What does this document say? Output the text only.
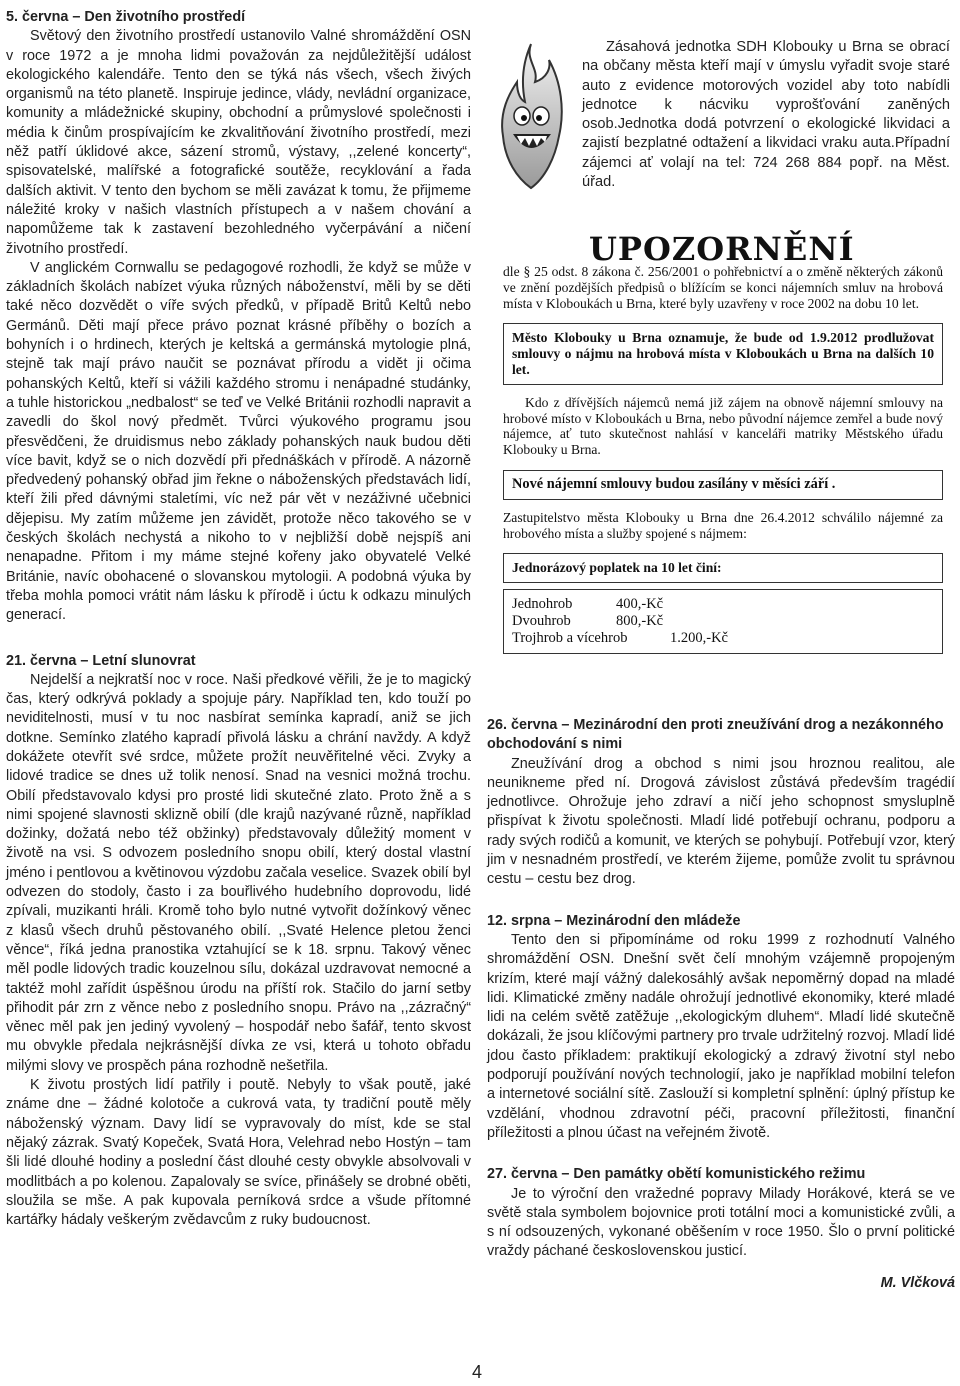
5. června – Den životního prostředí

Světový den životního prostředí ustanovilo Valné shromáždění OSN v roce 1972 a je mnoha lidmi považován za nejdůležitější událost ekologického kalendáře. Tento den se týká nás všech, všech živých organismů na této planetě. Inspiruje jedince, vlády, nevládní organizace, komunity a mládežnické skupiny, obchodní a průmyslové společnosti i média k činům prospívajícím ke zkvalitňování životního prostředí, mezi něž patří úklidové akce, sázení stromů, výstavy, ,,zelené koncerty“, spisovatelské, malířské a fotografické soutěže, recyklování a řada dalších aktivit. V tento den bychom se měli zavázat k tomu, že přijmeme náležité kroky v našich vlastních přístupech a v našem chování a napomůžeme tak k zastavení bezohledného vyčerpávání a ničení životního prostředí.

V anglickém Cornwallu se pedagogové rozhodli, že když se může v základních školách nabízet výuka různých náboženství, měli by se děti také něco dozvědět o víře svých předků, v případě Britů Keltů nebo Germánů. Děti mají přece právo poznat krásné příběhy o bozích a bohyních i o hrdinech, kterých je keltská a germánská mytologie plná, stejně tak mají právo naučit se poznávat přírodu a vidět ji očima pohanských Keltů, kteří si vážili každého stromu i nenápadné studánky, a tuhle historickou „nedbalost“ se teď ve Velké Británii rozhodli napravit a zavedli do škol nový předmět. Tvůrci výukového programu jsou přesvědčeni, že druidismus nebo základy pohanských nauk budou děti více bavit, když se o nich dozvědí při přednáškách v přírodě. A názorně předvedený pohanský obřad jim řekne o náboženských představách lidí, kteří žili před dávnými staletími, víc než pár vět v nezáživné učebnici dějepisu. My zatím můžeme jen závidět, protože něco takového se v českých školách nechystá a nikoho to v nejbližší době nejspíš ani nenapadne. Přitom i my máme stejné kořeny jako obyvatelé Velké Británie, navíc obohacené o slovanskou mytologii. A podobná výuka by třeba mohla pomoci vrátit nám lásku k přírodě i úctu k odkazu minulých generací.

21. června – Letní slunovrat

Nejdelší a nejkratší noc v roce. Naši předkové věřili, že je to magický čas, který odkrývá poklady a spojuje páry. Například ten, kdo touží po neviditelnosti, musí v tu noc nasbírat semínka kapradí, aniž se jich dotkne. Semínko zlatého kapradí přivolá lásku a chrání navždy. A když dokážete otevřít své srdce, můžete prožít neuvěřitelné věci. Zvyky a lidové tradice se dnes už tolik nenosí. Snad na vesnici možná trochu. Obilí představovalo kdysi pro prosté lidi skutečné zlato. Proto žně a s nimi spojené slavnosti sklizně obilí (dle krajů nazývané různě, například dožinky, dožatá nebo též obžinky) představovaly důležitý moment v životě na vsi. S odvozem posledního snopu obilí, který dostal vlastní jméno i pentlovou a květinovou výzdobu začala veselice. Svazek obilí byl odvezen do stodoly, často i za bouřlivého hudebního doprovodu, lidé zpívali, muzikanti hráli. Kromě toho bylo nutné vytvořit dožínkový věnec z klasů všech druhů pěstovaného obilí. ,,Svaté Helence pletou ženci věnce“, říká jedna pranostika vztahující se k 18. srpnu. Takový věnec měl podle lidových tradic kouzelnou sílu, dokázal uzdravovat nemocné a taktéž mohl zařídit úspěšnou úrodu na příští rok. Stačilo do jarní setby přihodit pár zrn z věnce nebo z posledního snopu. Právo na ,,zázračný“ věnec měl pak jen jediný vyvolený – hospodář nebo šafář, tento skvost mu obvykle předala nejkrásnější dívka ze vsi, která u tohoto obřadu milými slovy ve prospěch pána rozhodně nešetřila.

K životu prostých lidí patřily i poutě. Nebyly to však poutě, jaké známe dne – žádné kolotoče a cukrová vata, ty tradiční poutě měly náboženský význam. Davy lidí se vypravovaly do míst, kde se stal nějaký zázrak. Svatý Kopeček, Svatá Hora, Velehrad nebo Hostýn – tam šli lidé dlouhé hodiny a poslední část dlouhé cesty obvykle absolvovali v modlitbách a po kolenou. Zapalovaly se svíce, přinášely se drobné oběti, sloužila se mše. A pak kupovala perníková srdce a všude přítomné kartářky hádaly veškerým zvědavcům z ruky budoucnost.

Zásahová jednotka SDH Klobouky u Brna se obrací na občany města kteří mají v úmyslu vyřadit svoje staré auto z evidence motorových vozidel aby toto nabídli jednotce k nácviku vyprošťování zaněných osob.Jednotka dodá potvrzení o ekologické likvidaci a zajistí bezplatné odtažení a likvidaci vraku auta.Případní zájemci ať volají na tel: 724 268 884 popř. na Měst. úřad.
UPOZORNĚNÍ
dle § 25 odst. 8 zákona č. 256/2001 o pohřebnictví a o změně některých zákonů ve znění pozdějších předpisů o blížícím se konci nájemních smluv na hrobová místa v Kloboukách u Brna, které byly uzavřeny v roce 2002 na dobu 10 let.
Město Klobouky u Brna oznamuje, že bude od 1.9.2012 prodlužovat smlouvy o nájmu na hrobová místa v Kloboukách u Brna na dalších 10 let.
Kdo z dřívějších nájemců nemá již zájem na obnově nájemní smlouvy na hrobové místo v Kloboukách u Brna, nebo původní nájemce zemřel a bude nový nájemce, ať tuto skutečnost nahlásí v kanceláři matriky Městského úřadu Klobouky u Brna.
Nové nájemní smlouvy budou zasílány v měsíci září .
Zastupitelstvo města Klobouky u Brna dne 26.4.2012 schválilo nájemné za hrobového místa a služby spojené s nájmem:
Jednorázový poplatek na 10 let činí:
Jednohrob	400,-Kč
Dvouhrob	800,-Kč
Trojhrob a vícehrob	1.200,-Kč
26. června – Mezinárodní den proti zneužívání drog a nezákonného obchodování s nimi

Zneužívání drog a obchod s nimi jsou hroznou realitou, ale neunikneme před ní. Drogová závislost zůstává především tragédií jednotlivce. Ohrožuje jeho zdraví a ničí jeho schopnost smysluplně přispívat k životu společnosti. Mladí lidé potřebují ochranu, podporu a rady svých rodičů a komunit, ve kterých se pohybují. Potřebují vzor, který jim v nesnadném prostředí, ve kterém žijeme, pomůže zvolit tu správnou cestu – cestu bez drog.

12. srpna – Mezinárodní den mládeže

Tento den si připomínáme od roku 1999 z rozhodnutí Valného shromáždění OSN. Dnešní svět čelí mnohým vzájemně propojeným krizím, které mají vážný dalekosáhlý avšak nepoměrný dopad na mladé lidi. Klimatické změny nadále ohrožují jednotlivé ekonomiky, které mladé lidi na celém světě zatěžuje ,,ekologickým dluhem“. Mladí lidé skutečně dokázali, že jsou klíčovými partnery pro trvale udržitelný rozvoj. Mladí lidé jdou často příkladem: praktikují ekologický a zdravý životní styl nebo podporují používání nových technologií, jako je například mobilní telefon a internetové sociální sítě. Zaslouží si kompletní splnění: úplný přístup ke vzdělání, vhodnou zdravotní péči, pracovní příležitosti, finanční příležitosti a plnou účast na veřejném životě.

27. června – Den památky obětí komunistického režimu

Je to výroční den vražedné popravy Milady Horákové, která se ve světě stala symbolem bojovnice proti totální moci a komunistické zvůli, a s ní odsouzených, vykonané oběšením v roce 1950. Šlo o první politické vraždy páchané československou justicí.

M. Vlčková
4
